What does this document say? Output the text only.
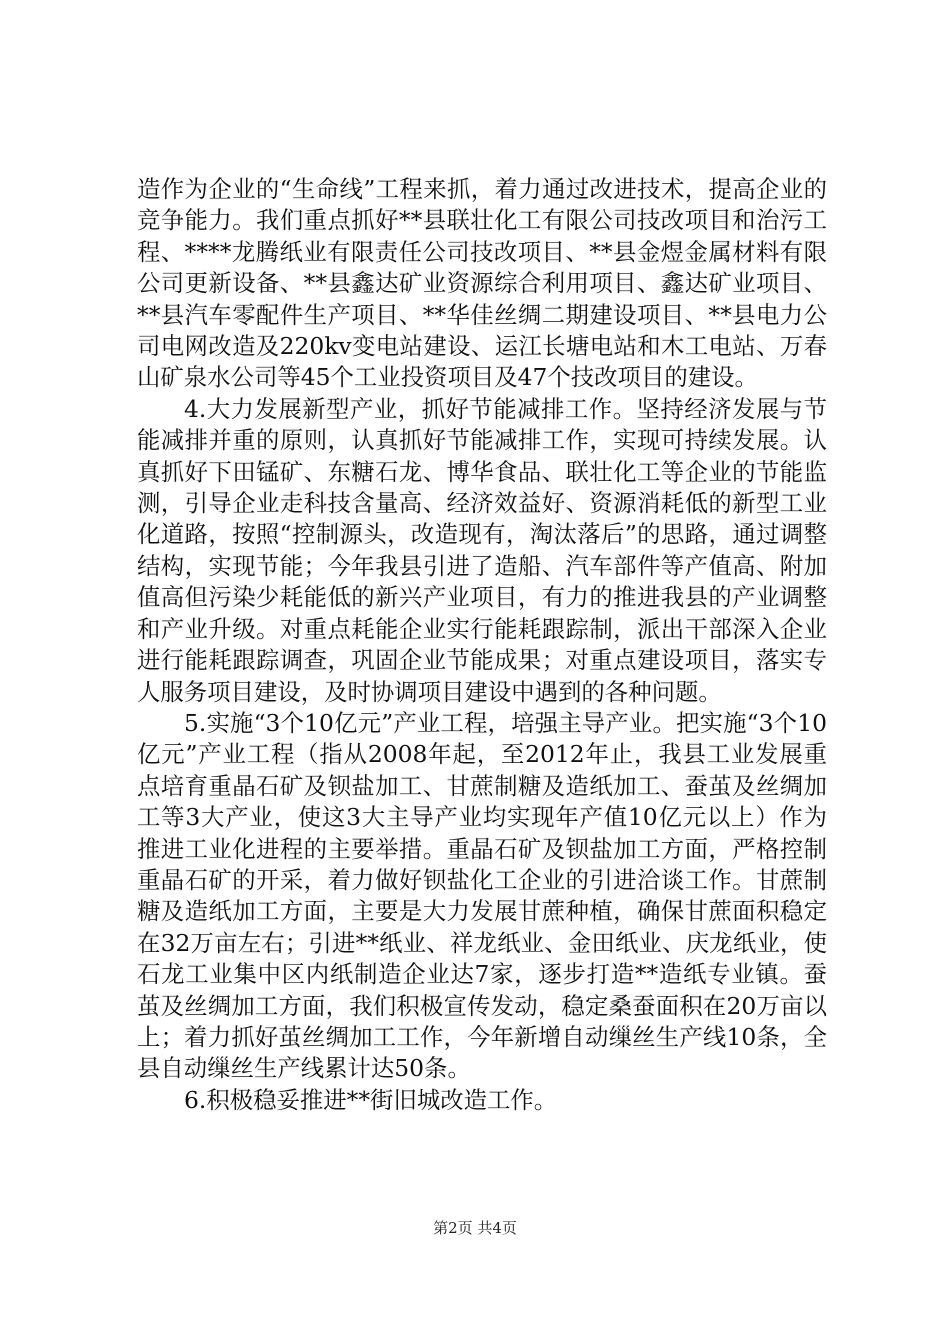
造作为企业的“生命线”工程来抓，着力通过改进技术，提高企业的竞争能力。我们重点抓好**县联壮化工有限公司技改项目和治污工程、****龙腾纸业有限责任公司技改项目、**县金煜金属材料有限公司更新设备、**县鑫达矿业资源综合利用项目、鑫达矿业项目、**县汽车零配件生产项目、**华佳丝绸二期建设项目、**县电力公司电网改造及220kv变电站建设、运江长塘电站和木工电站、万春山矿泉水公司等45个工业投资项目及47个技改项目的建设。

4.大力发展新型产业，抓好节能减排工作。坚持经济发展与节能减排并重的原则，认真抓好节能减排工作，实现可持续发展。认真抓好下田锰矿、东糖石龙、博华食品、联壮化工等企业的节能监测，引导企业走科技含量高、经济效益好、资源消耗低的新型工业化道路，按照“控制源头，改造现有，淘汰落后”的思路，通过调整结构，实现节能；今年我县引进了造船、汽车部件等产值高、附加值高但污染少耗能低的新兴产业项目，有力的推进我县的产业调整和产业升级。对重点耗能企业实行能耗跟踪制，派出干部深入企业进行能耗跟踪调查，巩固企业节能成果；对重点建设项目，落实专人服务项目建设，及时协调项目建设中遇到的各种问题。

5.实施“3个10亿元”产业工程，培强主导产业。把实施“3个10亿元”产业工程（指从2008年起，至2012年止，我县工业发展重点培育重晶石矿及钡盐加工、甘蔗制糖及造纸加工、蚕茧及丝绸加工等3大产业，使这3大主导产业均实现年产值10亿元以上）作为推进工业化进程的主要举措。重晶石矿及钡盐加工方面，严格控制重晶石矿的开采，着力做好钡盐化工企业的引进洽谈工作。甘蔗制糖及造纸加工方面，主要是大力发展甘蔗种植，确保甘蔗面积稳定在32万亩左右；引进**纸业、祥龙纸业、金田纸业、庆龙纸业，使石龙工业集中区内纸制造企业达7家，逐步打造**造纸专业镇。蚕茧及丝绸加工方面，我们积极宣传发动，稳定桑蚕面积在20万亩以上；着力抓好茧丝绸加工工作，今年新增自动缫丝生产线10条，全县自动缫丝生产线累计达50条。

6.积极稳妥推进**街旧城改造工作。

第2页 共4页
